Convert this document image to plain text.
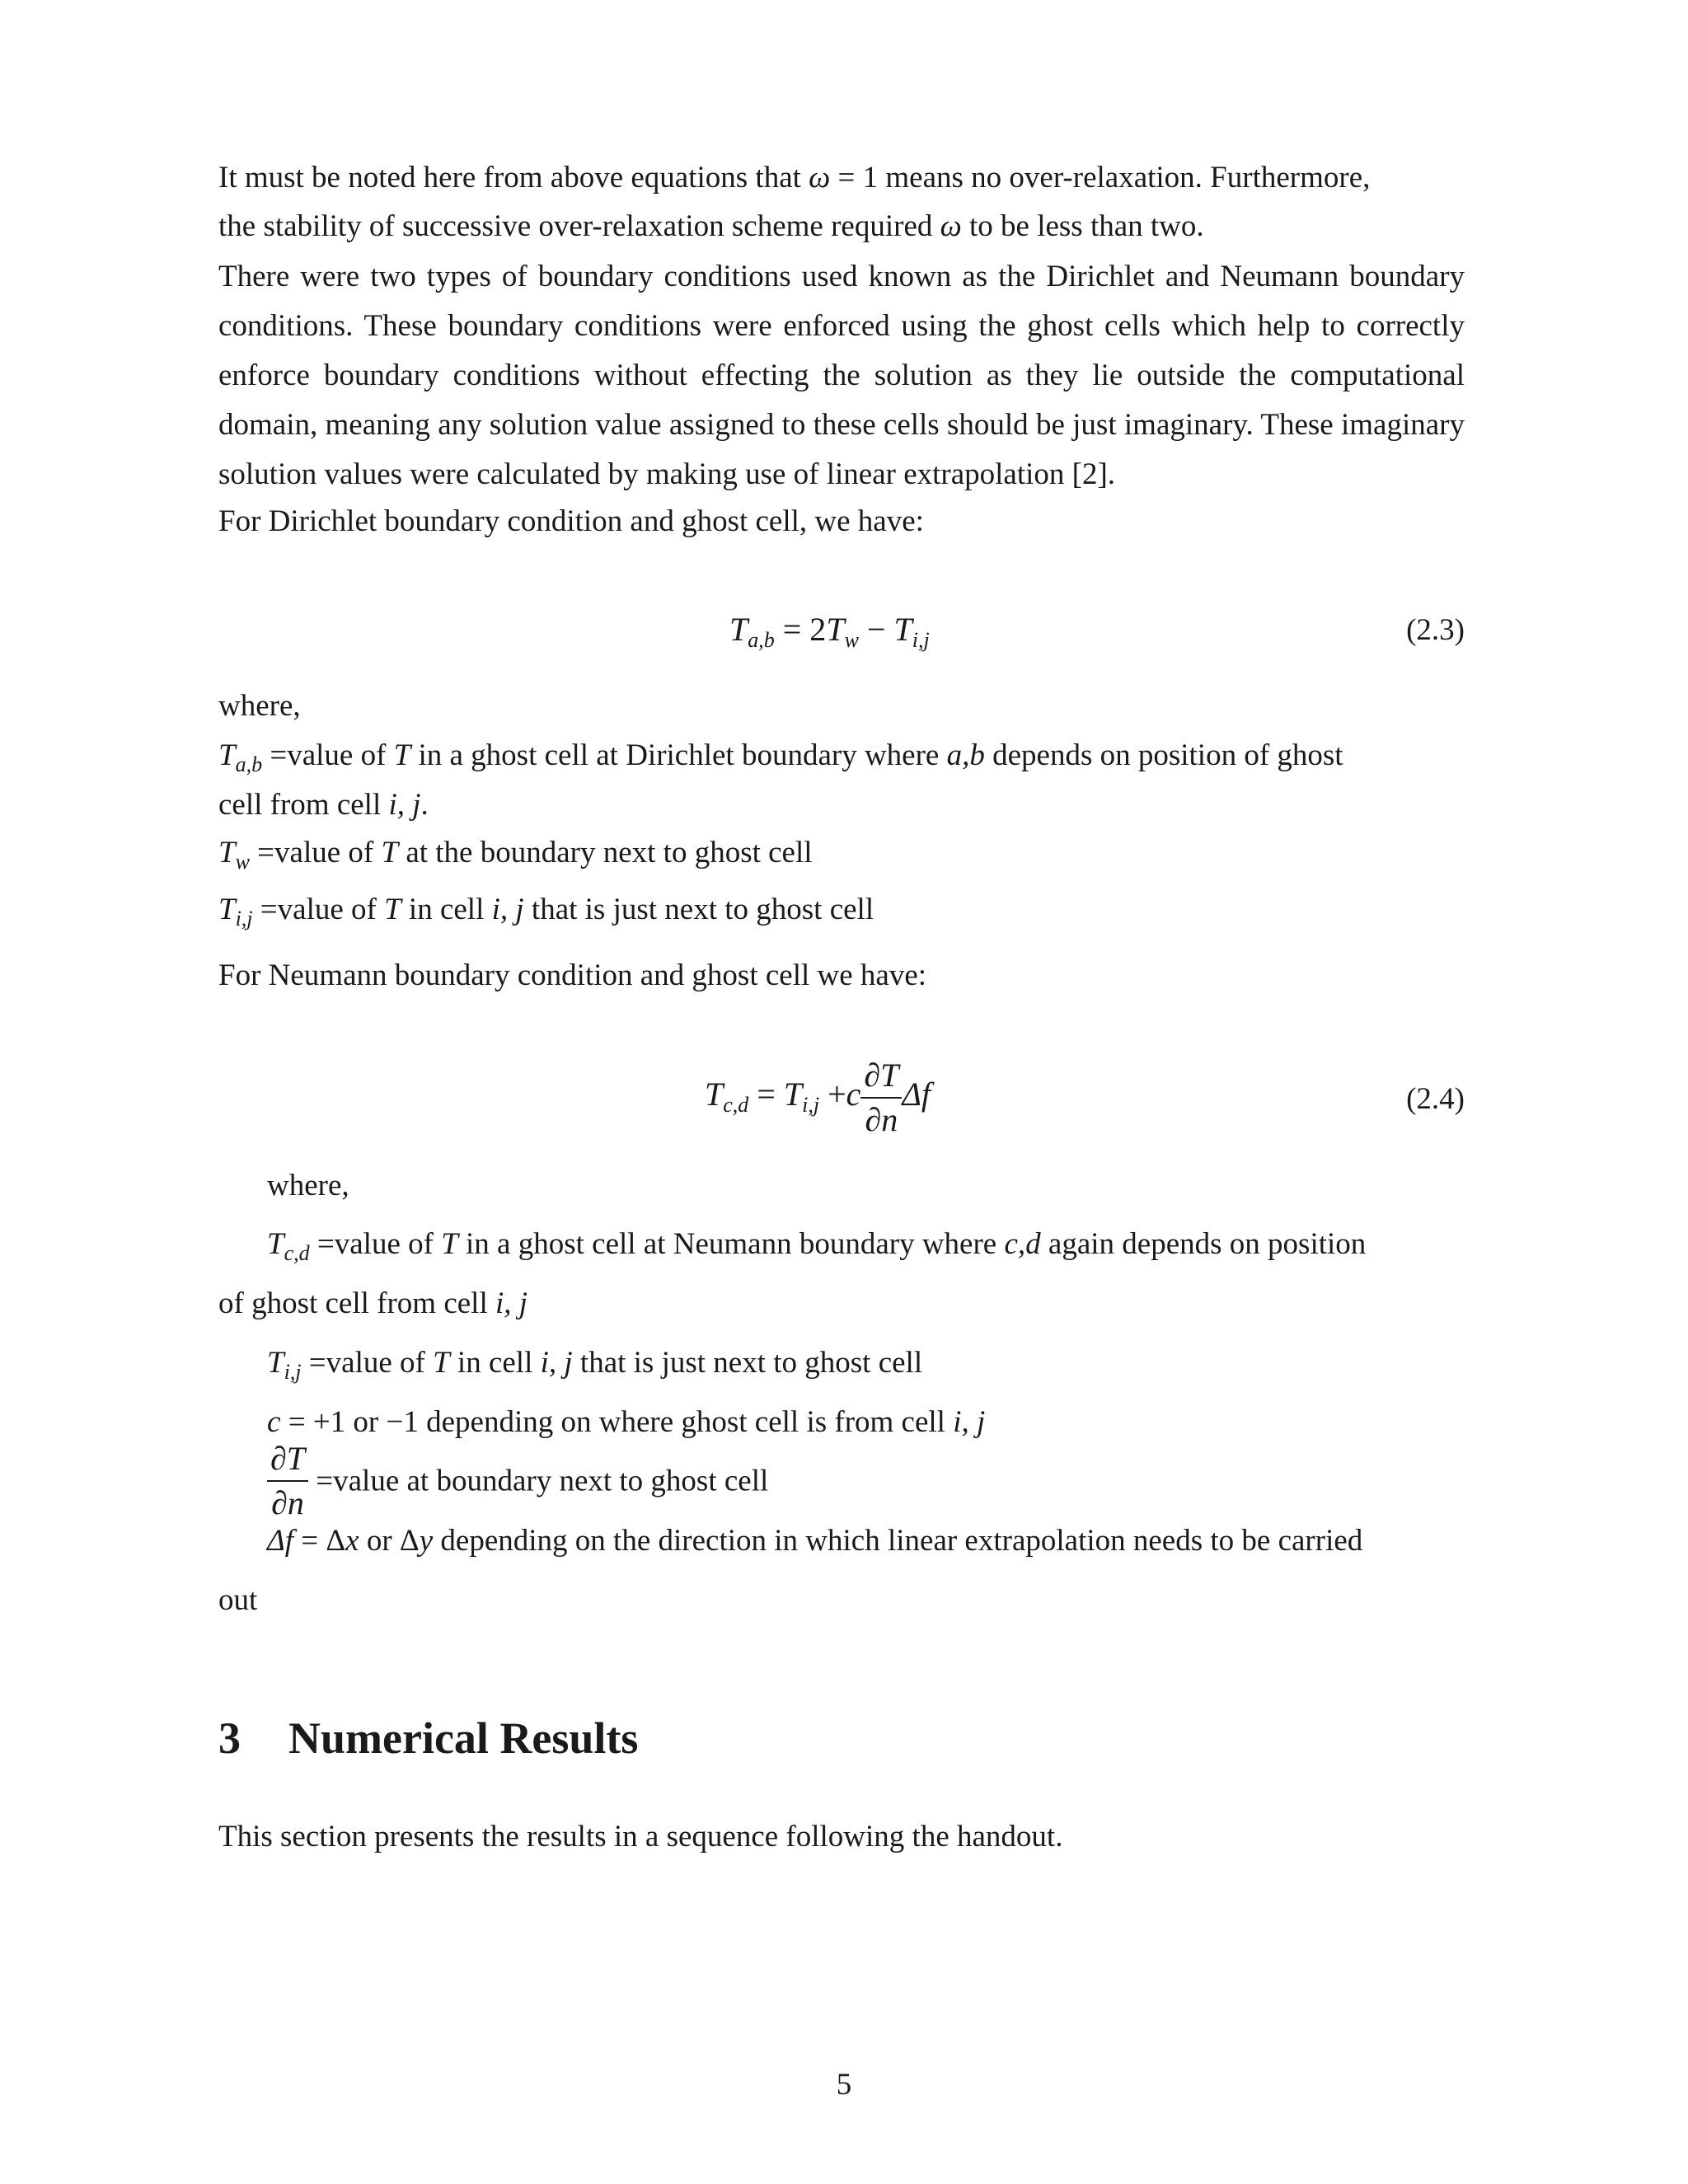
It must be noted here from above equations that ω = 1 means no over-relaxation. Furthermore,
the stability of successive over-relaxation scheme required ω to be less than two.
There were two types of boundary conditions used known as the Dirichlet and Neumann boundary conditions. These boundary conditions were enforced using the ghost cells which help to correctly enforce boundary conditions without effecting the solution as they lie outside the computational domain, meaning any solution value assigned to these cells should be just imaginary. These imaginary solution values were calculated by making use of linear extrapolation [2].
For Dirichlet boundary condition and ghost cell, we have:
$T_{a,b} = 2T_w - T_{i,j}$	(2.3)
where,
$T_{a,b}$ =value of T in a ghost cell at Dirichlet boundary where a,b depends on position of ghost
cell from cell i, j.
$T_w$ =value of T at the boundary next to ghost cell
$T_{i,j}$ =value of T in cell i, j that is just next to ghost cell
For Neumann boundary condition and ghost cell we have:
$T_{c,d} = T_{i,j} +c \frac{\partial T}{\partial n}$ Δf	(2.4)
where,
$T_{c,d}$ =value of T in a ghost cell at Neumann boundary where c,d again depends on position
of ghost cell from cell i, j
$T_{i,j}$ =value of T in cell i, j that is just next to ghost cell
c = +1 or −1 depending on where ghost cell is from cell i, j
$\frac{\partial T}{\partial n}$ =value at boundary next to ghost cell
Δf = Δx or Δy depending on the direction in which linear extrapolation needs to be carried
out
3 Numerical Results
This section presents the results in a sequence following the handout.
5
